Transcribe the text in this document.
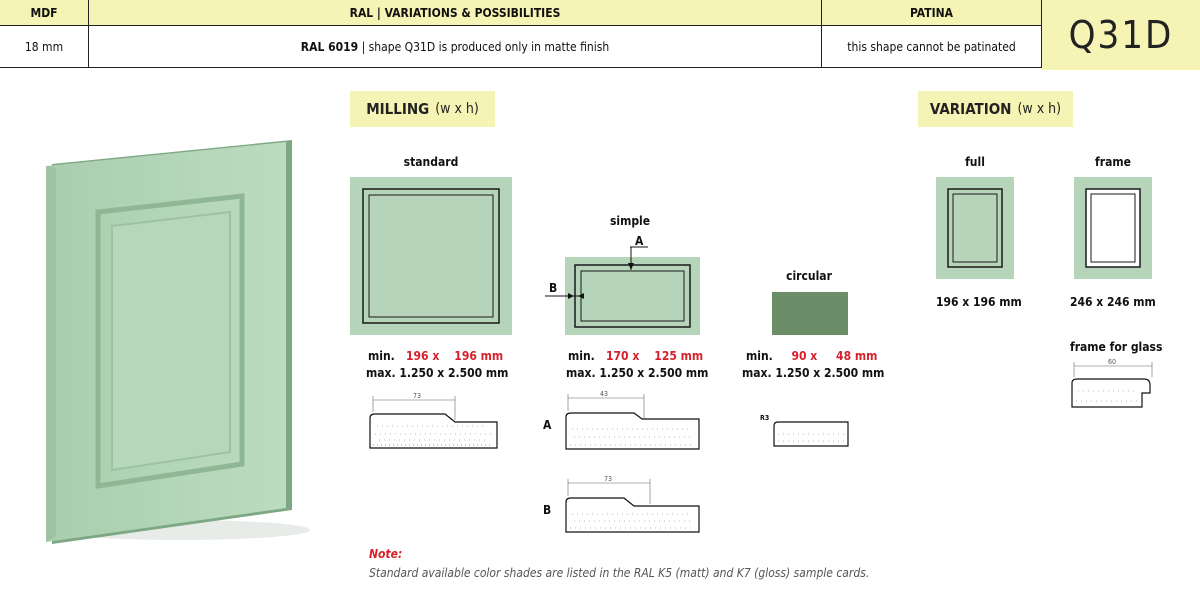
MDF	RAL | VARIATIONS & POSSIBILITIES	PATINA
18 mm	RAL 6019 | shape Q31D is produced only in matte finish	this shape cannot be patinated	Q31D
MILLING (w x h)	VARIATION (w x h)
standard
min. 196 x    196 mm
max. 1.250 x 2.500 mm
73
simple
A
B
min. 170 x    125 mm
max. 1.250 x 2.500 mm
A
43
B
73
circular
min. 90 x     48 mm
max. 1.250 x 2.500 mm
R3
full
196 x 196 mm
frame
246 x 246 mm
frame for glass
60
Note:
Standard available color shades are listed in the RAL K5 (matt) and K7 (gloss) sample cards.
